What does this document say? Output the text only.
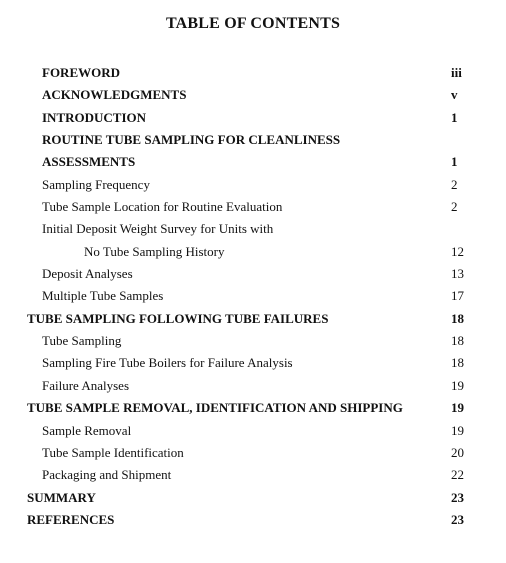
TABLE OF CONTENTS
FOREWORD	iii
ACKNOWLEDGMENTS	v
INTRODUCTION	1
ROUTINE TUBE SAMPLING FOR CLEANLINESS
ASSESSMENTS	1
Sampling Frequency	2
Tube Sample Location for Routine Evaluation	2
Initial Deposit Weight Survey for Units with
No Tube Sampling History	12
Deposit Analyses	13
Multiple Tube Samples	17
TUBE SAMPLING FOLLOWING TUBE FAILURES	18
Tube Sampling	18
Sampling Fire Tube Boilers for Failure Analysis	18
Failure Analyses	19
TUBE SAMPLE REMOVAL, IDENTIFICATION AND SHIPPING	19
Sample Removal	19
Tube Sample Identification	20
Packaging and Shipment	22
SUMMARY	23
REFERENCES	23
